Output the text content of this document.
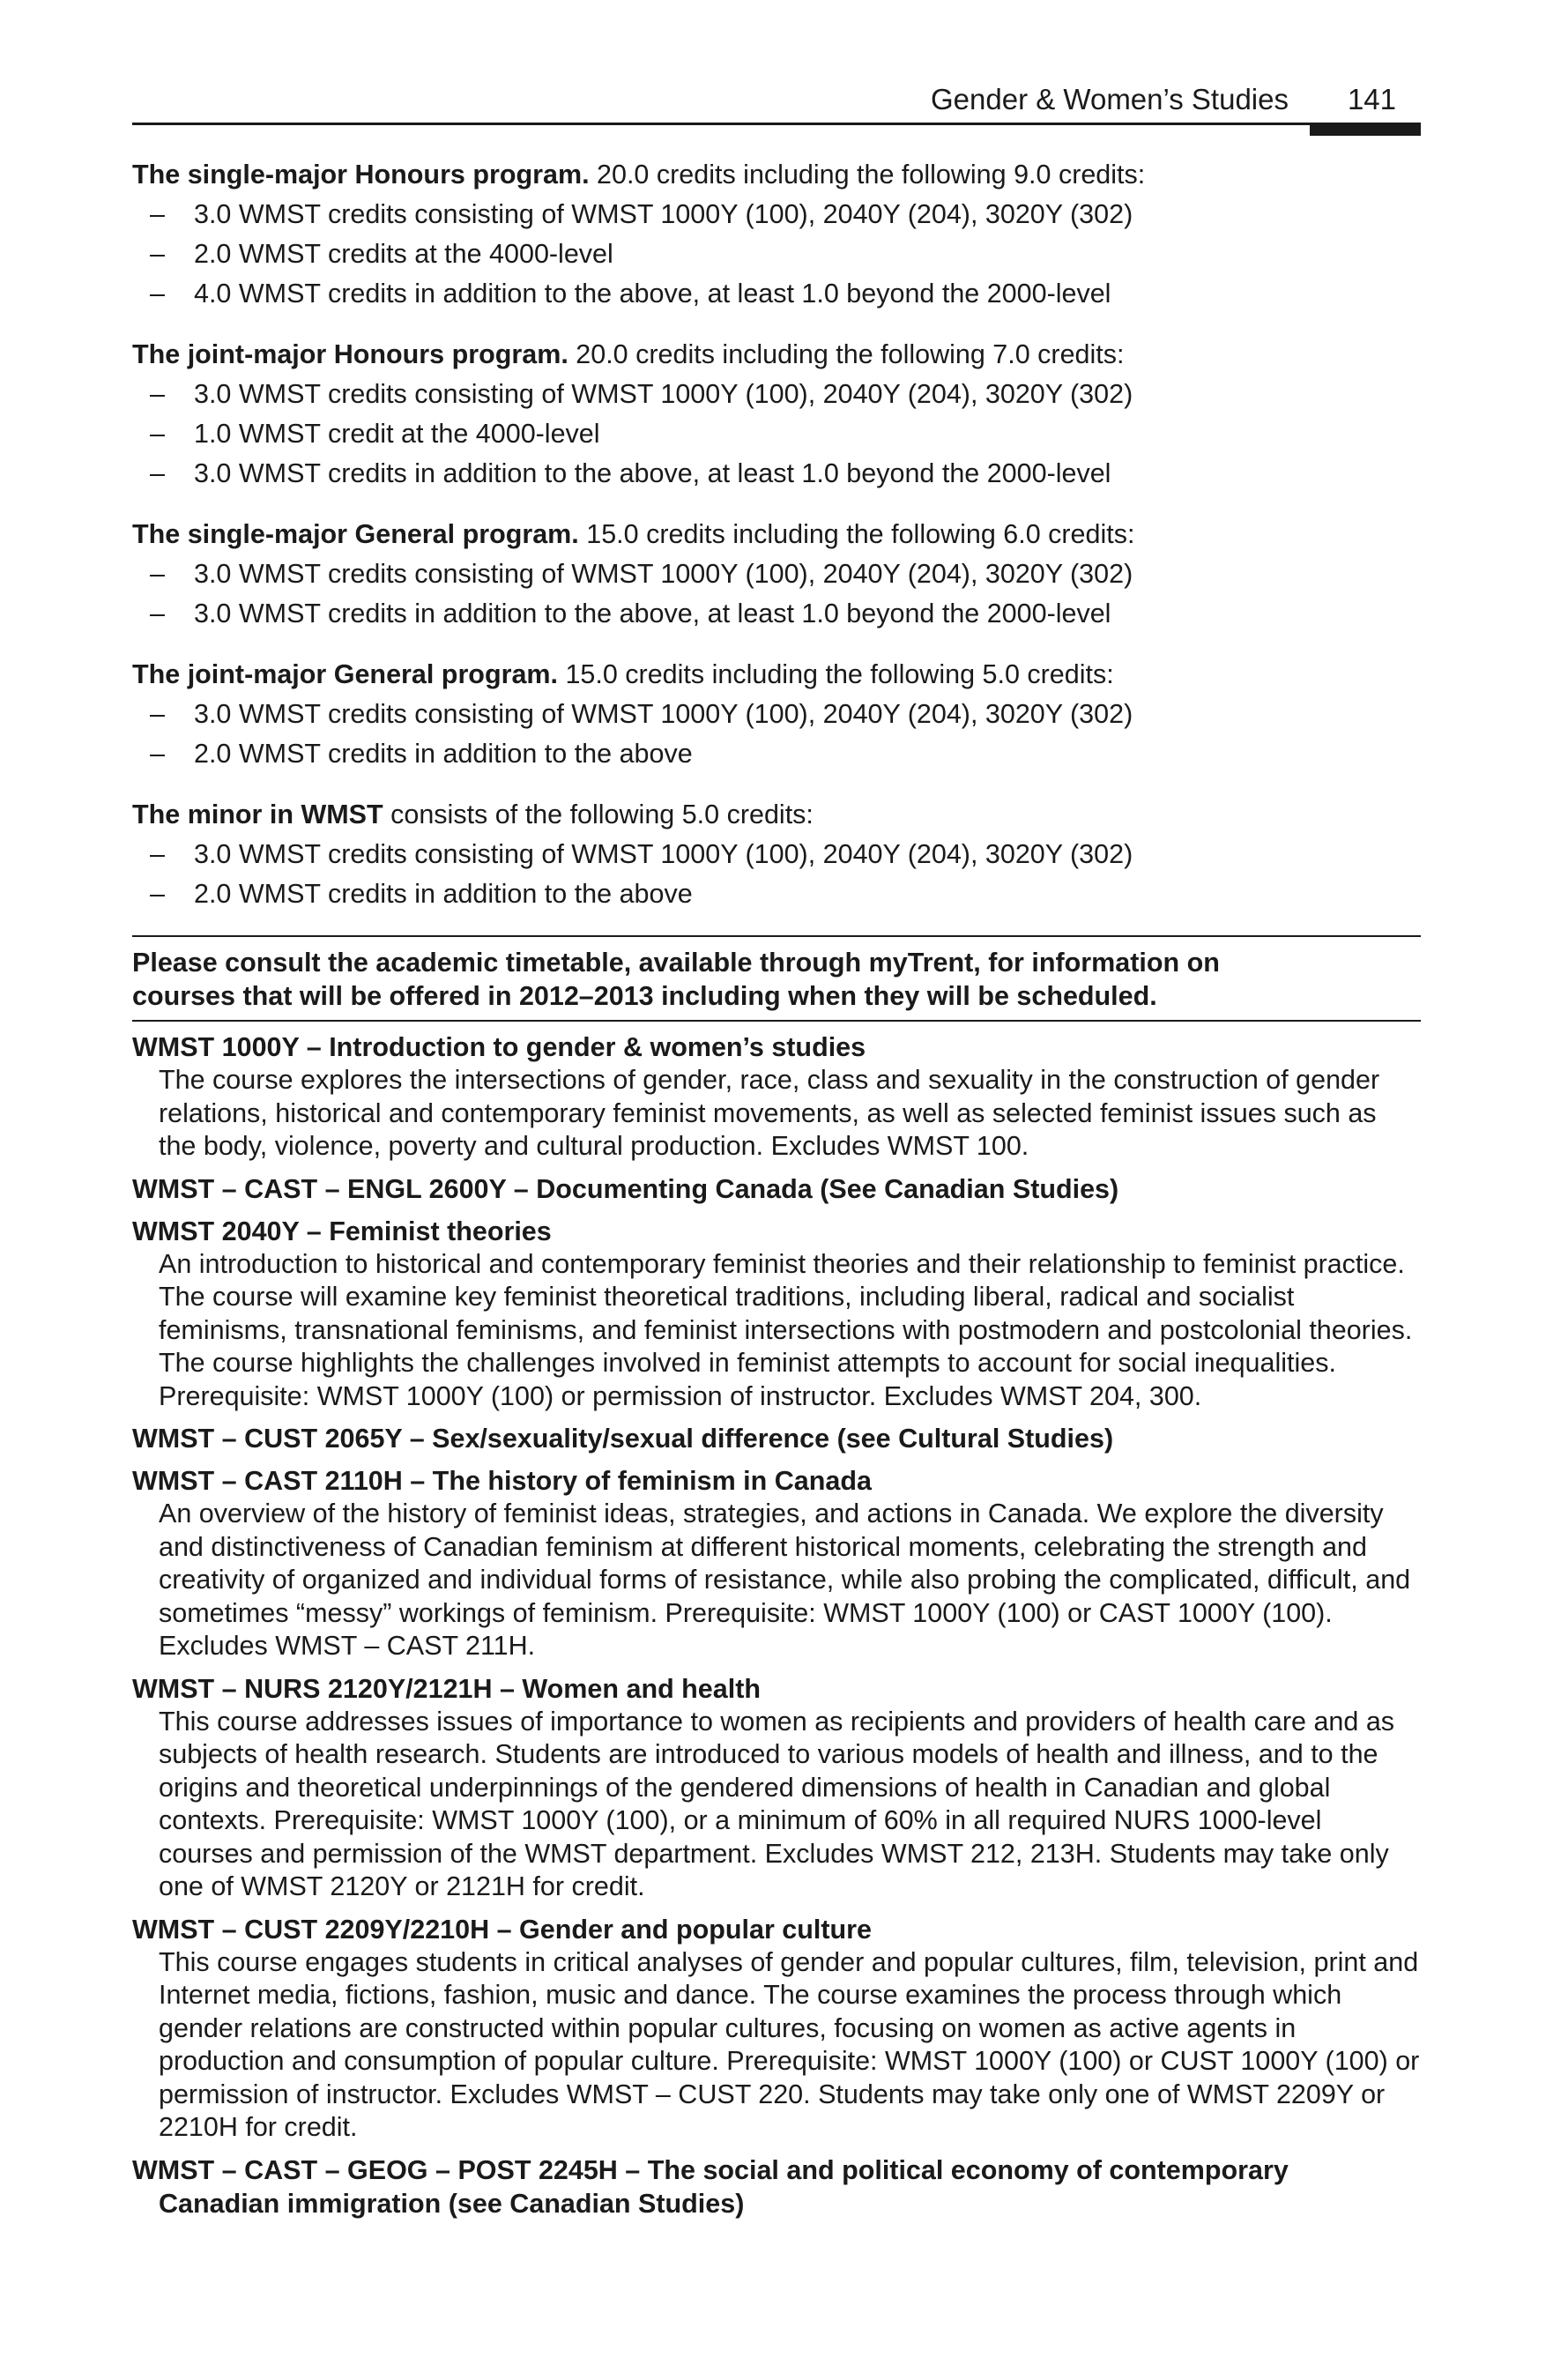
Gender & Women’s Studies 141
The single-major Honours program. 20.0 credits including the following 9.0 credits:
– 3.0 WMST credits consisting of WMST 1000Y (100), 2040Y (204), 3020Y (302)
– 2.0 WMST credits at the 4000-level
– 4.0 WMST credits in addition to the above, at least 1.0 beyond the 2000-level
The joint-major Honours program. 20.0 credits including the following 7.0 credits:
– 3.0 WMST credits consisting of WMST 1000Y (100), 2040Y (204), 3020Y (302)
– 1.0 WMST credit at the 4000-level
– 3.0 WMST credits in addition to the above, at least 1.0 beyond the 2000-level
The single-major General program. 15.0 credits including the following 6.0 credits:
– 3.0 WMST credits consisting of WMST 1000Y (100), 2040Y (204), 3020Y (302)
– 3.0 WMST credits in addition to the above, at least 1.0 beyond the 2000-level
The joint-major General program. 15.0 credits including the following 5.0 credits:
– 3.0 WMST credits consisting of WMST 1000Y (100), 2040Y (204), 3020Y (302)
– 2.0 WMST credits in addition to the above
The minor in WMST consists of the following 5.0 credits:
– 3.0 WMST credits consisting of WMST 1000Y (100), 2040Y (204), 3020Y (302)
– 2.0 WMST credits in addition to the above
Please consult the academic timetable, available through myTrent, for information on
courses that will be offered in 2012–2013 including when they will be scheduled.
WMST 1000Y – Introduction to gender & women’s studies
The course explores the intersections of gender, race, class and sexuality in the construction of gender relations, historical and contemporary feminist movements, as well as selected feminist issues such as the body, violence, poverty and cultural production. Excludes WMST 100.
WMST – CAST – ENGL 2600Y – Documenting Canada (See Canadian Studies)
WMST 2040Y – Feminist theories
An introduction to historical and contemporary feminist theories and their relationship to feminist practice. The course will examine key feminist theoretical traditions, including liberal, radical and socialist feminisms, transnational feminisms, and feminist intersections with postmodern and postcolonial theories. The course highlights the challenges involved in feminist attempts to account for social inequalities. Prerequisite: WMST 1000Y (100) or permission of instructor. Excludes WMST 204, 300.
WMST – CUST 2065Y – Sex/sexuality/sexual difference (see Cultural Studies)
WMST – CAST 2110H – The history of feminism in Canada
An overview of the history of feminist ideas, strategies, and actions in Canada. We explore the diversity and distinctiveness of Canadian feminism at different historical moments, celebrating the strength and creativity of organized and individual forms of resistance, while also probing the complicated, difficult, and sometimes “messy” workings of feminism. Prerequisite: WMST 1000Y (100) or CAST 1000Y (100). Excludes WMST – CAST 211H.
WMST – NURS 2120Y/2121H – Women and health
This course addresses issues of importance to women as recipients and providers of health care and as subjects of health research. Students are introduced to various models of health and illness, and to the origins and theoretical underpinnings of the gendered dimensions of health in Canadian and global contexts. Prerequisite: WMST 1000Y (100), or a minimum of 60% in all required NURS 1000-level courses and permission of the WMST department. Excludes WMST 212, 213H. Students may take only one of WMST 2120Y or 2121H for credit.
WMST – CUST 2209Y/2210H – Gender and popular culture
This course engages students in critical analyses of gender and popular cultures, film, television, print and Internet media, fictions, fashion, music and dance. The course examines the process through which gender relations are constructed within popular cultures, focusing on women as active agents in production and consumption of popular culture. Prerequisite: WMST 1000Y (100) or CUST 1000Y (100) or permission of instructor. Excludes WMST – CUST 220. Students may take only one of WMST 2209Y or 2210H for credit.
WMST – CAST – GEOG – POST 2245H – The social and political economy of contemporary
Canadian immigration (see Canadian Studies)
